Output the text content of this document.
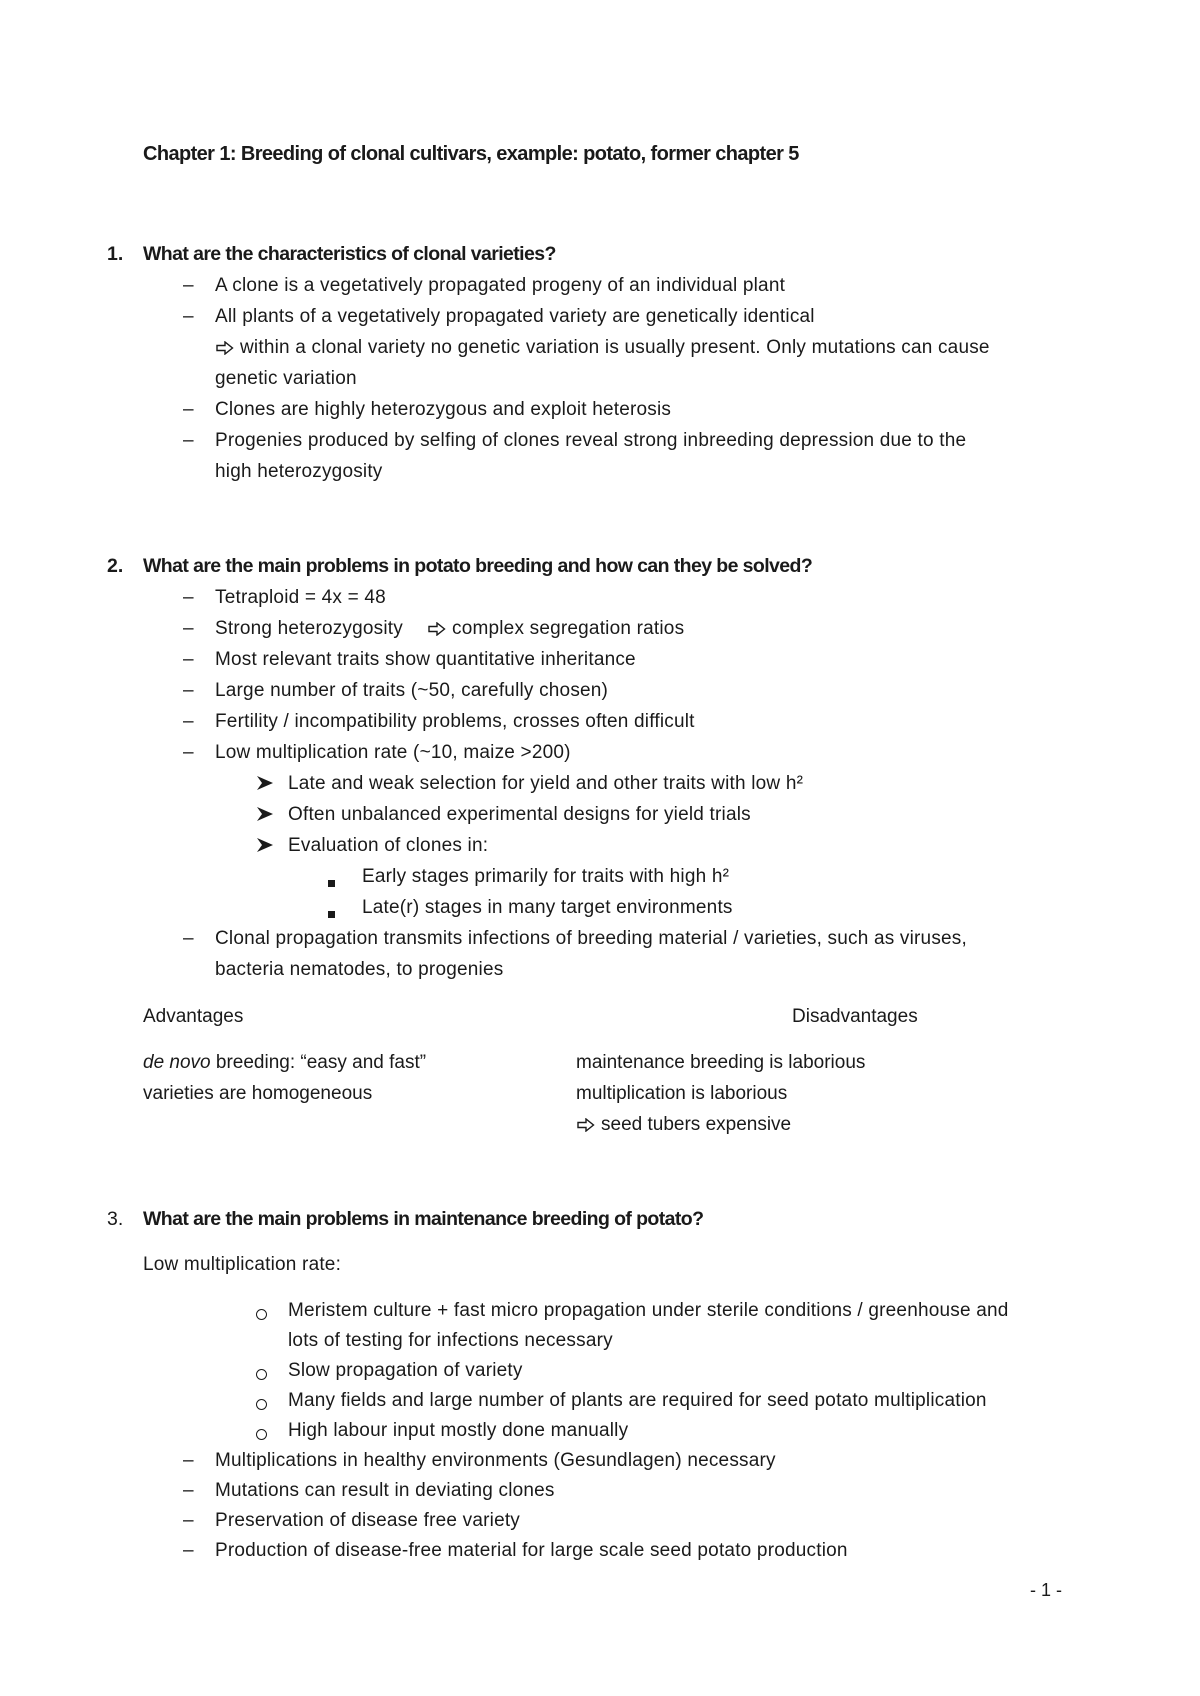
Chapter 1: Breeding of clonal cultivars, example: potato, former chapter 5
1. What are the characteristics of clonal varieties?
– A clone is a vegetatively propagated progeny of an individual plant
– All plants of a vegetatively propagated variety are genetically identical
within a clonal variety no genetic variation is usually present. Only mutations can cause
genetic variation
– Clones are highly heterozygous and exploit heterosis
– Progenies produced by selfing of clones reveal strong inbreeding depression due to the
high heterozygosity
2. What are the main problems in potato breeding and how can they be solved?
– Tetraploid = 4x = 48
– Strong heterozygosity	complex segregation ratios
– Most relevant traits show quantitative inheritance
– Large number of traits (~50, carefully chosen)
– Fertility / incompatibility problems, crosses often difficult
– Low multiplication rate (~10, maize >200)
Late and weak selection for yield and other traits with low h²
Often unbalanced experimental designs for yield trials
Evaluation of clones in:
Early stages primarily for traits with high h²
Late(r) stages in many target environments
– Clonal propagation transmits infections of breeding material / varieties, such as viruses,
bacteria nematodes, to progenies
Advantages	Disadvantages
de novo breeding: “easy and fast”
varieties are homogeneous
maintenance breeding is laborious
multiplication is laborious
seed tubers expensive
3. What are the main problems in maintenance breeding of potato?
Low multiplication rate:
Meristem culture + fast micro propagation under sterile conditions / greenhouse and
lots of testing for infections necessary
Slow propagation of variety
Many fields and large number of plants are required for seed potato multiplication
High labour input mostly done manually
– Multiplications in healthy environments (Gesundlagen) necessary
– Mutations can result in deviating clones
– Preservation of disease free variety
– Production of disease-free material for large scale seed potato production
- 1 -
